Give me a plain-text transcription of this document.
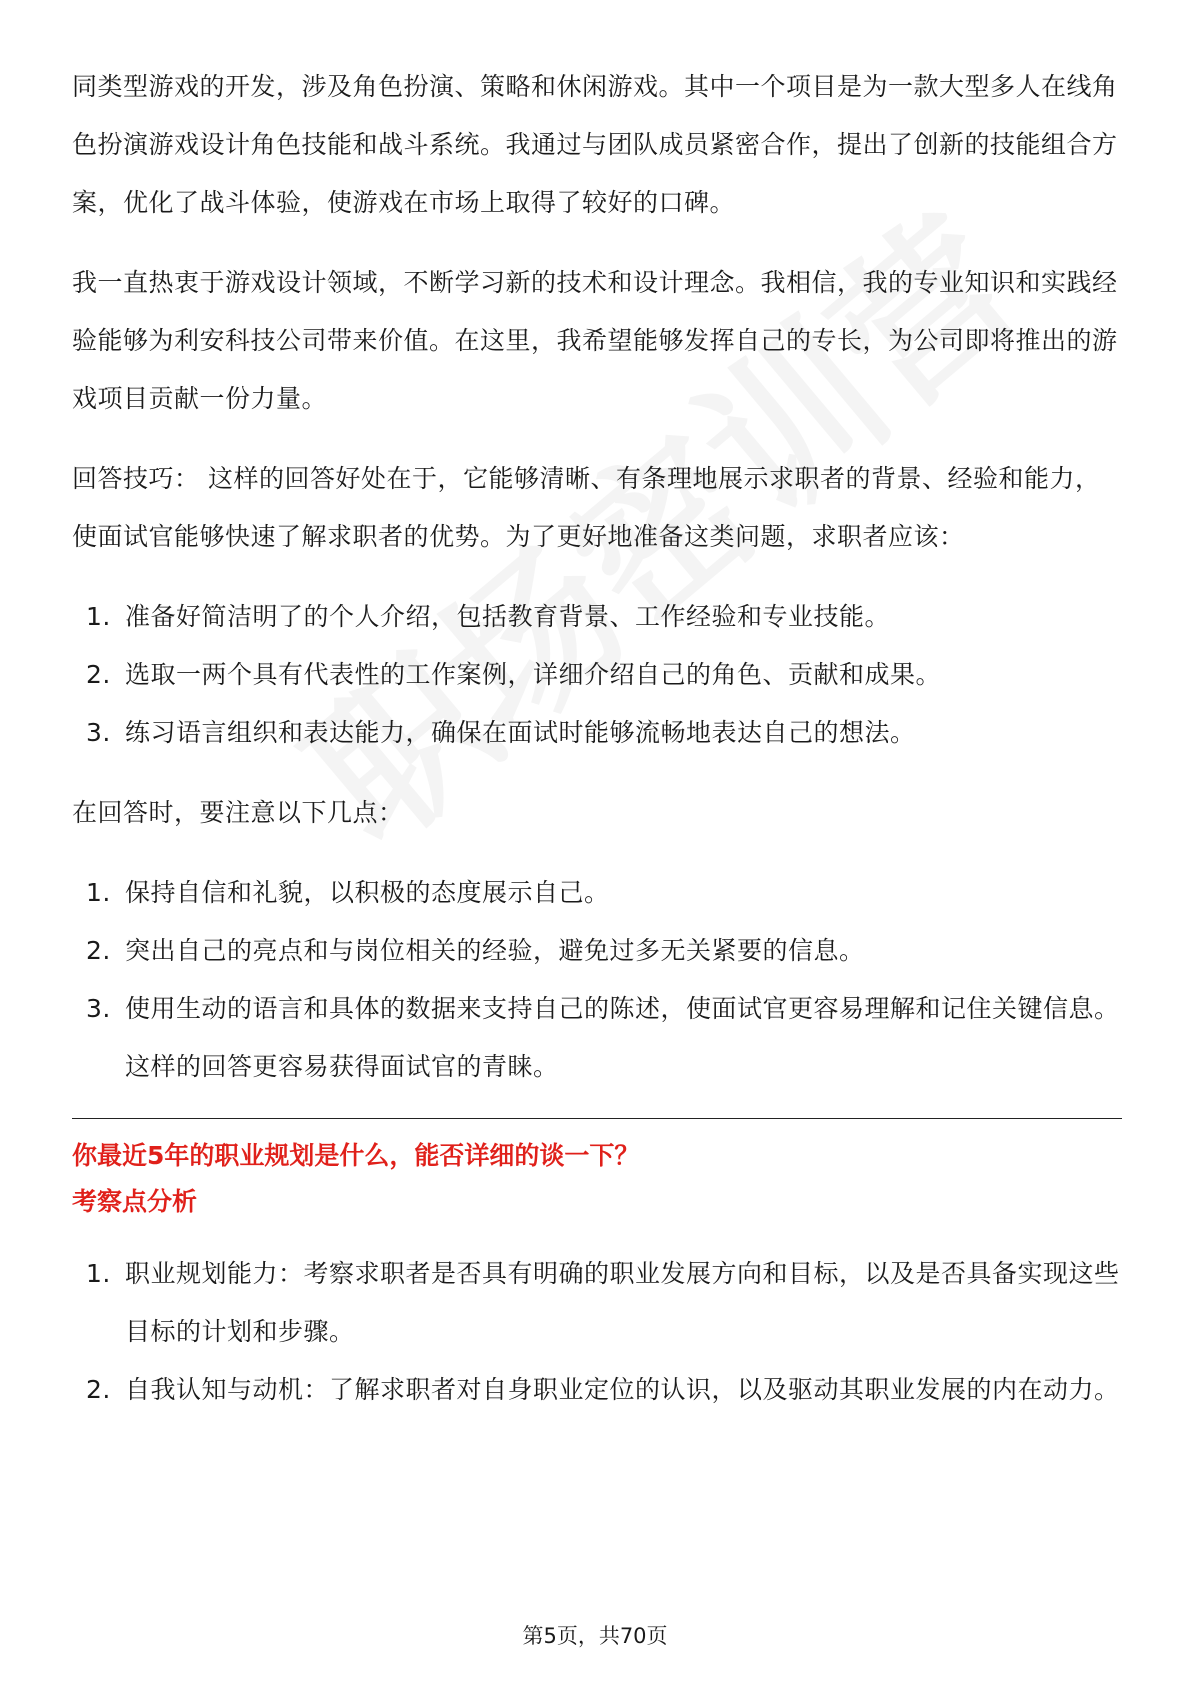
同类型游戏的开发，涉及角色扮演、策略和休闲游戏。其中一个项目是为一款大型多人在线角色扮演游戏设计角色技能和战斗系统。我通过与团队成员紧密合作，提出了创新的技能组合方案，优化了战斗体验，使游戏在市场上取得了较好的口碑。

我一直热衷于游戏设计领域，不断学习新的技术和设计理念。我相信，我的专业知识和实践经验能够为利安科技公司带来价值。在这里，我希望能够发挥自己的专长，为公司即将推出的游戏项目贡献一份力量。

回答技巧： 这样的回答好处在于，它能够清晰、有条理地展示求职者的背景、经验和能力，使面试官能够快速了解求职者的优势。为了更好地准备这类问题，求职者应该：

1. 准备好简洁明了的个人介绍，包括教育背景、工作经验和专业技能。
2. 选取一两个具有代表性的工作案例，详细介绍自己的角色、贡献和成果。
3. 练习语言组织和表达能力，确保在面试时能够流畅地表达自己的想法。

在回答时，要注意以下几点：

1. 保持自信和礼貌，以积极的态度展示自己。
2. 突出自己的亮点和与岗位相关的经验，避免过多无关紧要的信息。
3. 使用生动的语言和具体的数据来支持自己的陈述，使面试官更容易理解和记住关键信息。这样的回答更容易获得面试官的青睐。
你最近5年的职业规划是什么，能否详细的谈一下？
考察点分析
1. 职业规划能力：考察求职者是否具有明确的职业发展方向和目标，以及是否具备实现这些目标的计划和步骤。
2. 自我认知与动机：了解求职者对自身职业定位的认识，以及驱动其职业发展的内在动力。
第5页，共70页
